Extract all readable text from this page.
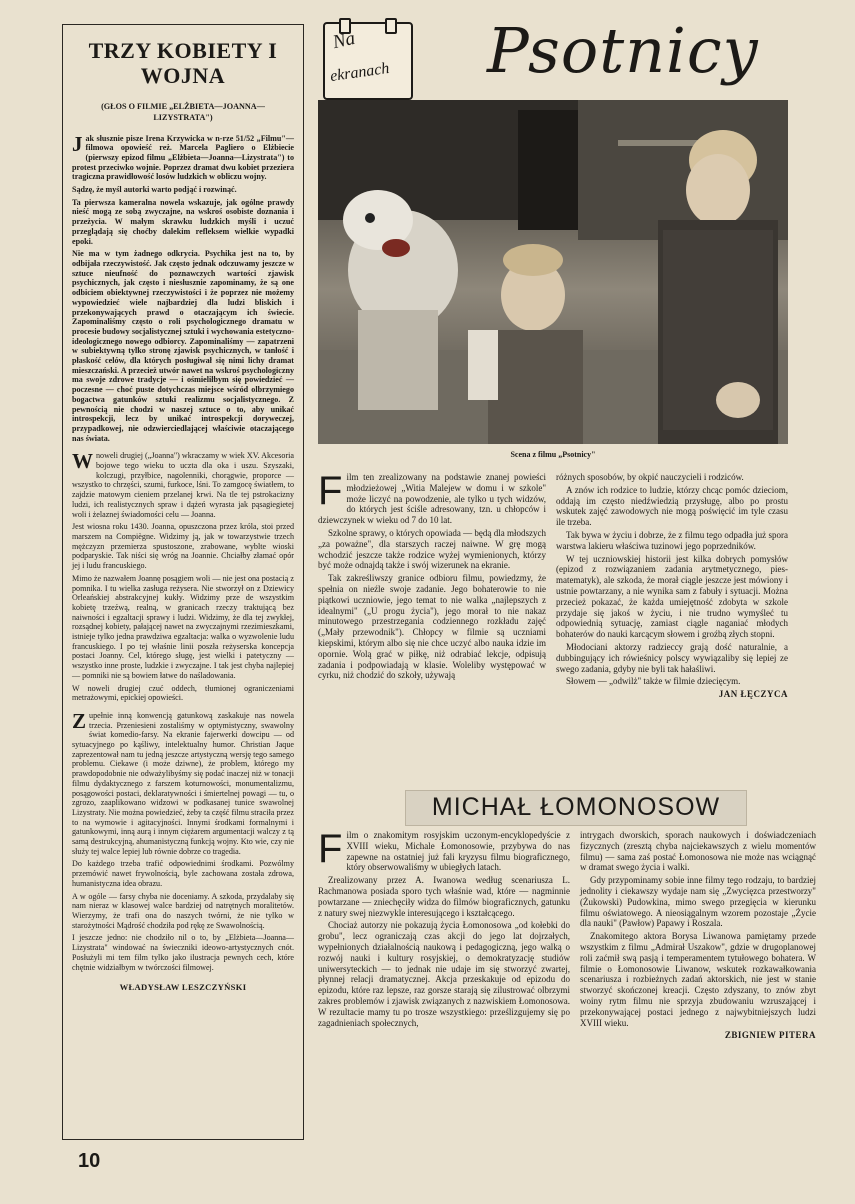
TRZY KOBIETY I WOJNA
(GŁOS O FILMIE „ELŻBIETA—JOANNA—LIZYSTRATA")

Jak słusznie pisze Irena Krzywicka w n-rze 51/52 „Filmu"—filmowa opowieść reż. Marcela Pagliero o Elżbiecie (pierwszy epizod filmu „Elżbieta—Joanna—Lizystrata") to protest przeciwko wojnie. Poprzez dramat dwu kobiet przeziera tragiczna prawidłowość losów ludzkich w obliczu wojny.

Sądzę, że myśl autorki warto podjąć i rozwinąć.

Ta pierwsza kameralna nowela wskazuje, jak ogólne prawdy nieść mogą ze sobą zwyczajne, na wskroś osobiste doznania i przeżycia. W małym skrawku ludzkich myśli i uczuć przeglądają się choćby dalekim refleksem wielkie wypadki epoki.

Nie ma w tym żadnego odkrycia. Psychika jest na to, by odbijała rzeczywistość. Jak często jednak odczuwamy jeszcze w sztuce nieufność do poznawczych wartości zjawisk psychicznych, jak często i niesłusznie zapominamy, że są one odbiciem obiektywnej rzeczywistości i że poprzez nie możemy wypowiedzieć wiele najbardziej dla ludzi bliskich i przekonywających prawd o otaczającym ich świecie. Zapominaliśmy często o roli psychologicznego dramatu w procesie budowy socjalistycznej sztuki i wychowania estetyczno-ideologicznego nowego odbiorcy. Zapominaliśmy — zapatrzeni w subiektywną tylko stronę zjawisk psychicznych, w tanłość i płaskość celów, dla których posługiwał się nimi lichy dramat mieszczański. A przecież utwór nawet na wskroś psychologiczny ma swoje zdrowe tradycje — i ośmieliłbym się powiedzieć — poczesne — choć puste dotychczas miejsce wśród olbrzymiego bogactwa gatunków sztuki realizmu socjalistycznego. Z pewnością nie chodzi w naszej sztuce o to, aby unikać introspekcji, lecz by unikać introspekcji doryweczej, przypadkowej, nie odzwierciedlającej właściwie otaczającego nas świata.

Wnoweli drugiej („Joanna") wkraczamy w wiek XV. Akcesoria bojowe tego wieku to uczta dla oka i uszu. Szyszaki, kolczugi, przyłbice, nagolenniki, chorągwie, proporce — wszystko to chrzęści, szumi, furkoce, lśni. To zamgocę światłem, to zajdzie matowym cieniem przelanej krwi. Na tle tej pstrokacizny ludzi, ich realistycznych spraw i dążeń wyrasta jak pąsagiegietej woli i żelaznej świadomości celu — Joanna.

Jest wiosna roku 1430. Joanna, opuszczona przez króla, stoi przed marszem na Compiègne. Widzimy ją, jak w towarzystwie trzech mężczyzn przemierza spustoszone, zrabowane, wyblte wioski podparyskie. Tak niści się wróg na Joannie. Chciałby złamać opór jej i ludu francuskiego.

Mimo że nazwałem Joannę posągiem woli — nie jest ona postacią z pomnika. I tu wielka zasługa reżysera. Nie stworzył on z Dziewicy Orleańskiej abstrakcyjnej kukły. Widzimy prze de wszystkim kobietę trzeźwą, realną, w granicach rzeczy traktującą bez naiwności i egzaltacji sprawy i ludzi. Widzimy, że dla tej zwykłej, rozsądnej kobiety, pałającej nawet na zwyczajnymi rzezimieszkami, istnieje tylko jedna prawdziwa egzaltacja: walka o wyzwolenie ludu francuskiego. I po tej właśnie linii poszła reżyserska koncepcja postaci Joanny. Cel, którego sługę, jest wielki i patetyczny — wszystko inne proste, ludzkie i zwyczajne. I tak jest chyba najlepiej — pomniki nie są bowiem łatwe do naśladowania.

W noweli drugiej czuć oddech, tłumionej ograniczeniami metrażowymi, epickiej opowieści.

Zupełnie inną konwencją gatunkową zaskakuje nas nowela trzecia. Przeniesieni zostaliśmy w optymistyczny, swawolny świat komedio-farsy. Na ekranie fajerwerki dowcipu — od sytuacyjnego po kąśliwy, intelektualny humor. Christian Jaque zaprezentował nam tu jedną jeszcze artystyczną wersję tego samego problemu. Ciekawe (i może dziwne), że problem, którego my prawdopodobnie nie odważylibyśmy się podać inaczej niż w tonacji filmu dydaktycznego z farszem koturnowości, monumentalizmu, posągowości postaci, deklaratywności i śmiertelnej powagi — tu, o zgrozo, zaaplikowano widzowi w podkasanej tunice swawolnej Lizystraty. Nie można powiedzieć, żeby ta część filmu straciła przez to na wymowie i agitacyjności. Innymi środkami formalnymi i gatunkowymi, inną aurą i innym ciężarem argumentacji walczy z tą samą destrukcyjną, ahumanistyczną funkcją wojny. Kto wie, czy nie służy tej walce lepiej lub równie dobrze co tragedia.

Do każdego trzeba trafić odpowiednimi środkami. Pozwólmy przemówić nawet frywolnością, byle zachowana została zdrowa, humanistyczna idea obrazu.

A w ogóle — farsy chyba nie doceniamy. A szkoda, przydalaby się nam nieraz w klasowej walce bardziej od natrętnych moralitetów. Wierzymy, że trafi ona do naszych twórni, że nie tylko w starożytności Mądrość chodziła pod rękę ze Swawolnością.

I jeszcze jedno: nie chodziło nil o to, by „Elżbieta—Joanna—Lizystrata" windować na świeczniki ideowo-artystycznych cnót. Posłużyli mi tem film tylko jako ilustracja pewnych cech, które chętnie widziałbym w twórczości filmowej.

WŁADYSŁAW LESZCZYŃSKI
Na
ekranach Psotnicy
Scena z filmu „Psotnicy"

Film ten zrealizowany na podstawie znanej powieści młodzieżowej „Witia Malejew w domu i w szkole" może liczyć na powodzenie, ale tylko u tych widzów, do których jest ściśle adresowany, tzn. u chłopców i dziewczynek w wieku od 7 do 10 lat.

Szkolne sprawy, o których opowiada — będą dla młodszych „za poważne", dla starszych raczej naiwne. W grę mogą wchodzić jeszcze także rodzice wyżej wymienionych, którzy być może odnajdą także i swój wizerunek na ekranie.

Tak zakreśliwszy granice odbioru filmu, powiedzmy, że spełnia on nieźle swoje zadanie. Jego bohaterowie to nie piątkowi uczniowie, jego temat to nie walka „najlepszych z idealnymi" („U progu życia"), jego morał to nie nakaz minutowego przestrzegania codziennego rozkładu zajęć („Mały przewodnik"). Chłopcy w filmie są uczniami kiepskimi, którym albo się nie chce uczyć albo nauka idzie im opornie. Wolą grać w piłkę, niż odrabiać lekcje, odpisują zadania i podpowiadają w klasie. Woleliby występować w cyrku, niż chodzić do szkoły, używają

różnych sposobów, by okpić nauczycieli i rodziców.

A znów ich rodzice to ludzie, którzy chcąc pomóc dzieciom, oddają im często niedźwiedzią przysługę, albo po prostu wskutek zajęć zawodowych nie mogą poświęcić im tyle czasu ile trzeba.

Tak bywa w życiu i dobrze, że z filmu tego odpadła już spora warstwa lakieru właściwa tuzinowi jego poprzedników.

W tej uczniowskiej historii jest kilka dobrych pomysłów (epizod z rozwiązaniem zadania arytmetycznego, pies-matematyk), ale szkoda, że morał ciągle jeszcze jest mówiony i ustnie powtarzany, a nie wynika sam z fabuły i sytuacji. Można przecież pokazać, że każda umiejętność zdobyta w szkole przydaje się jakoś w życiu, i nie trudno wymyśleć tu odpowiednią sytuację, zamiast ciągle naganiać młodych bohaterów do nauki karcącym słowem i groźbą złych stopni.

Młodociani aktorzy radzieccy grają dość naturalnie, a dubbingujący ich rówieśnicy polscy wywiązaliby się lepiej ze swego zadania, gdyby nie byli tak hałaśliwi.

Słowem — „odwilż" także w filmie dziecięcym.

JAN ŁĘCZYCA
MICHAŁ ŁOMONOSOW

Film o znakomitym rosyjskim uczonym-encyklopedyście z XVIII wieku, Michale Łomonosowie, przybywa do nas zapewne na ostatniej już fali kryzysu filmu biograficznego, który obserwowaliśmy w ubiegłych latach.

Zrealizowany przez A. Iwanowa według scenariusza L. Rachmanowa posiada sporo tych właśnie wad, które — nagminnie powtarzane — zniechęciły widza do filmów biograficznych, gatunku z natury swej niezwykle interesującego i kształcącego.

Chociaż autorzy nie pokazują życia Łomonosowa „od kołebki do grobu", lecz ograniczają czas akcji do jego lat dojrzałych, wypełnionych działalnością naukową i pedagogiczną, jego walką o rozwój nauki i kultury rosyjskiej, o demokratyzację studiów uniwersyteckich — to jednak nie udaje im się stworzyć zwartej, płynnej relacji dramatycznej. Akcja przeskakuje od epizodu do epizodu, które raz lepsze, raz gorsze starają się zilustrować olbrzymi zakres problemów i zjawisk związanych z nazwiskiem Łomonosowa. W rezultacie mamy tu po trosze wszystkiego: prześlizgujemy się po zagadnieniach społecznych,

intrygach dworskich, sporach naukowych i doświadczeniach fizycznych (zresztą chyba najciekawszych z wielu momentów filmu) — sama zaś postać Łomonosowa nie może nas wciągnąć w dramat swego życia i walki.

Gdy przypominamy sobie inne filmy tego rodzaju, to bardziej jednolity i ciekawszy wydaje nam się „Zwycięzca przestworzy" (Żukowski) Pudowkina, mimo swego przegięcia w kierunku filmu oświatowego. A nieosiągalnym wzorem pozostaje „Życie dla nauki" (Pawłow) Papawy i Roszala.

Znakomitego aktora Borysa Liwanowa pamiętamy przede wszystkim z filmu „Admirał Uszakow", gdzie w drugoplanowej roli zaćmił swą pasją i temperamentem tytułowego bohatera. W filmie o Łomonosowie Liwanow, wskutek rozkawałkowania scenariusza i rozbieżnych zadań aktorskich, nie jest w stanie stworzyć skończonej kreacji. Często zdyszany, to znów zbyt woiny rytm filmu nie sprzyja zbudowaniu wzruszającej i przekonywającej postaci jednego z najwybitniejszych ludzi XVIII wieku.

ZBIGNIEW PITERA
10
